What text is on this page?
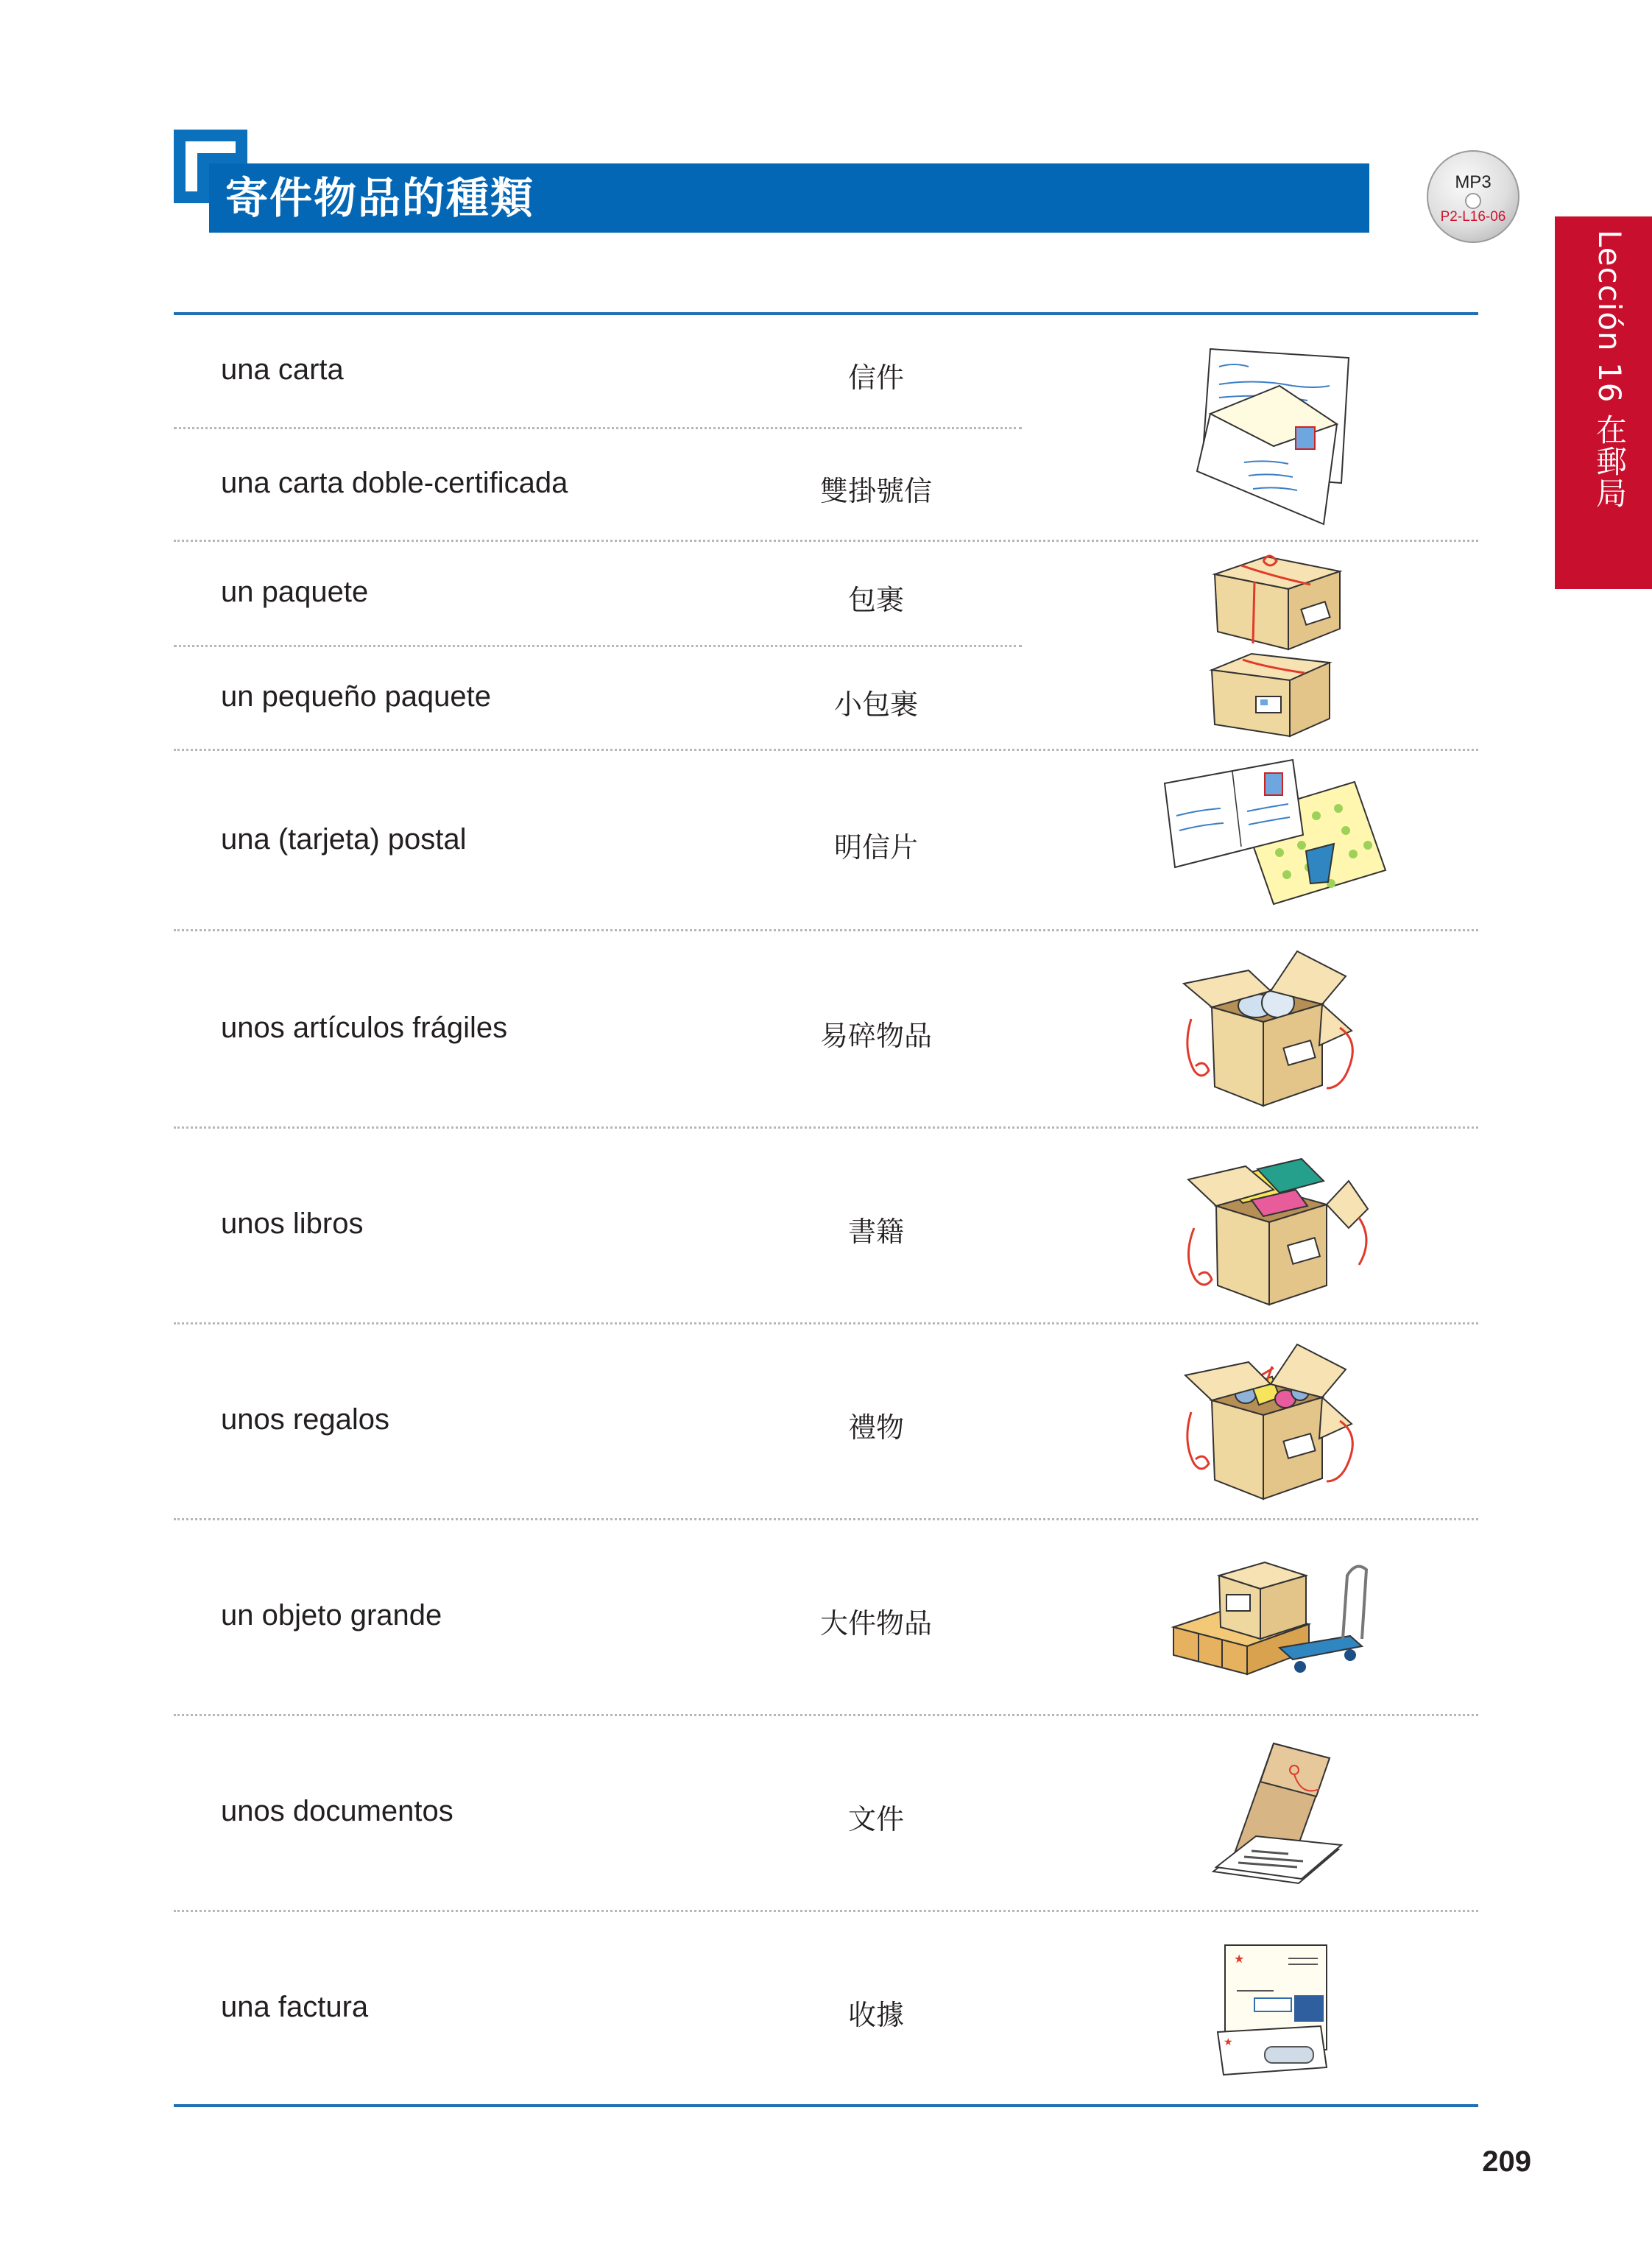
寄件物品的種類	MP3
P2-L16-06
Lección 16 在郵局
una carta	信件
una carta doble-certificada	雙掛號信
un paquete	包裹
un pequeño paquete	小包裹
una (tarjeta) postal	明信片
unos artículos frágiles	易碎物品
unos libros	書籍
unos regalos	禮物
un objeto grande	大件物品
unos documentos	文件
una factura	收據
★
★
209
